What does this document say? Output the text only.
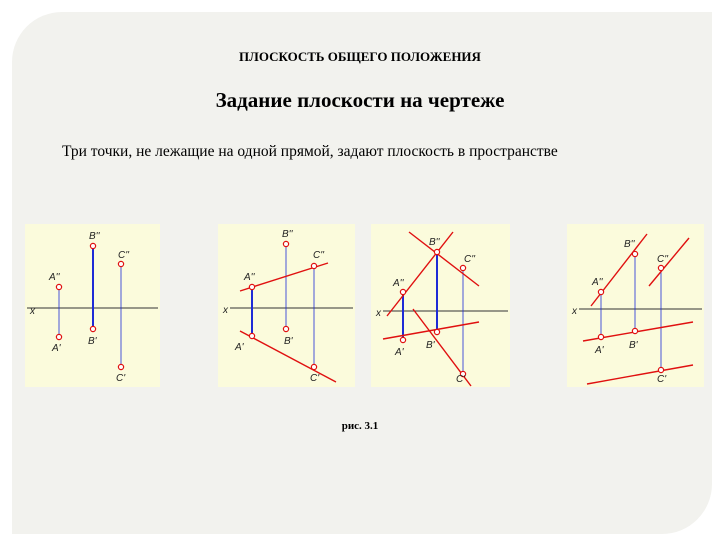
ПЛОСКОСТЬ ОБЩЕГО ПОЛОЖЕНИЯ
Задание плоскости на чертеже
Три точки, не лежащие на одной прямой, задают плоскость в пространстве
x
A''
B''
C''
A'
B'
C'
x
A''
B''
C''
A'
B'
C'
x
A''
B''
C''
A'
B'
C'
x
A''
B''
C''
A'	B'
C'
рис. 3.1
